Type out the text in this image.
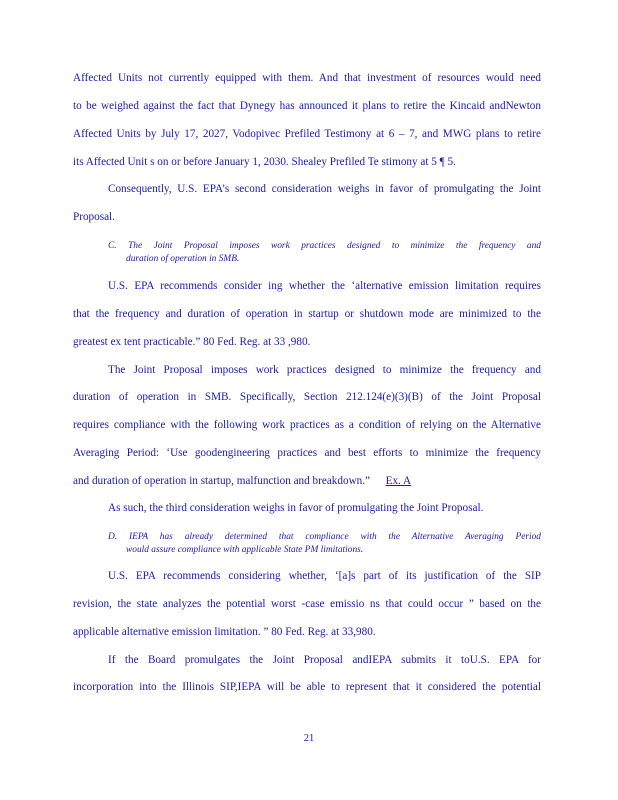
Affected Units not currently equipped with them. And that investment of resources would need
to be weighed against the fact that Dynegy has announced it plans to retire the Kincaid andNewton
Affected Units by July 17, 2027, Vodopivec Prefiled Testimony at 6 – 7, and MWG plans to retire
its Affected Unit s on or before January 1, 2030. Shealey Prefiled Te stimony at 5 ¶ 5.
Consequently, U.S. EPA’s second consideration weighs in favor of promulgating the Joint
Proposal.
C. The Joint Proposal imposes work practices designed to minimize the frequency and
duration of operation in SMB.
U.S. EPA recommends consider ing whether the ‘alternative emission limitation requires
that the frequency and duration of operation in startup or shutdown mode are minimized to the
greatest ex tent practicable.” 80 Fed. Reg. at 33 ,980.
The Joint Proposal imposes work practices designed to minimize the frequency and
duration of operation in SMB. Specifically, Section 212.124(e)(3)(B) of the Joint Proposal
requires compliance with the following work practices as a condition of relying on the Alternative
Averaging Period: ‘Use goodengineering practices and best efforts to minimize the frequency
and duration of operation in startup, malfunction and breakdown.” Ex. A
As such, the third consideration weighs in favor of promulgating the Joint Proposal.
D. IEPA has already determined that compliance with the Alternative Averaging Period
would assure compliance with applicable State PM limitations.
U.S. EPA recommends considering whether, ‘[a]s part of its justification of the SIP
revision, the state analyzes the potential worst -case emissio ns that could occur ” based on the
applicable alternative emission limitation. ” 80 Fed. Reg. at 33,980.
If the Board promulgates the Joint Proposal andIEPA submits it toU.S. EPA for
incorporation into the Illinois SIP,IEPA will be able to represent that it considered the potential
21
